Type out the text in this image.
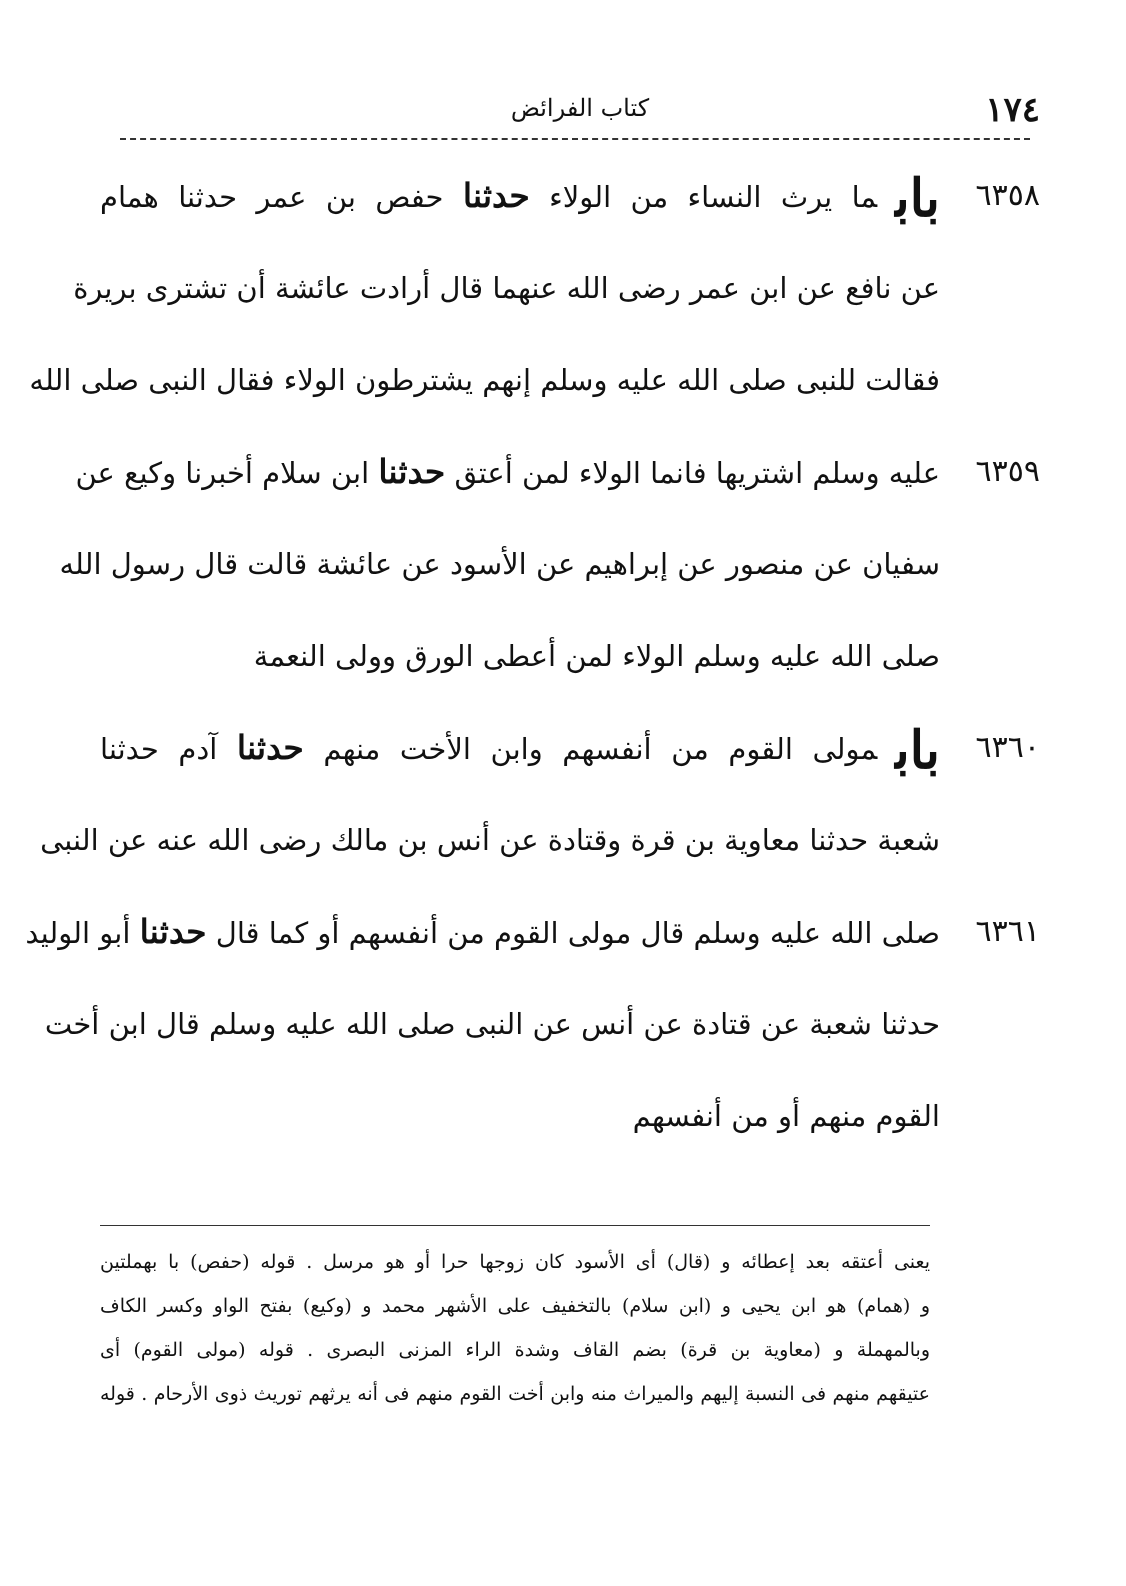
١٧٤
كتاب الفرائض
٦٣٥٨
بابما يرث النساء من الولاء حدثنا حفص بن عمر حدثنا همام
عن نافع عن ابن عمر رضى الله عنهما قال أرادت عائشة أن تشترى بريرة
فقالت للنبى صلى الله عليه وسلم إنهم يشترطون الولاء فقال النبى صلى الله
٦٣٥٩
عليه وسلم اشتريها فانما الولاء لمن أعتق حدثنا ابن سلام أخبرنا وكيع عن
سفيان عن منصور عن إبراهيم عن الأسود عن عائشة قالت قال رسول الله
صلى الله عليه وسلم الولاء لمن أعطى الورق وولى النعمة
٦٣٦٠
بابمولى القوم من أنفسهم وابن الأخت منهم حدثنا آدم حدثنا
شعبة حدثنا معاوية بن قرة وقتادة عن أنس بن مالك رضى الله عنه عن النبى
٦٣٦١
صلى الله عليه وسلم قال مولى القوم من أنفسهم أو كما قال حدثنا أبو الوليد
حدثنا شعبة عن قتادة عن أنس عن النبى صلى الله عليه وسلم قال ابن أخت
القوم منهم أو من أنفسهم
يعنى أعتقه بعد إعطائه و (قال) أى الأسود كان زوجها حرا أو هو مرسل . قوله (حفص) با بهملتين
و (همام) هو ابن يحيى و (ابن سلام) بالتخفيف على الأشهر محمد و (وكيع) بفتح الواو وكسر الكاف
وبالمهملة و (معاوية بن قرة) بضم القاف وشدة الراء المزنى البصرى . قوله (مولى القوم) أى
عتيقهم منهم فى النسبة إليهم والميراث منه وابن أخت القوم منهم فى أنه يرثهم توريث ذوى الأرحام . قوله
